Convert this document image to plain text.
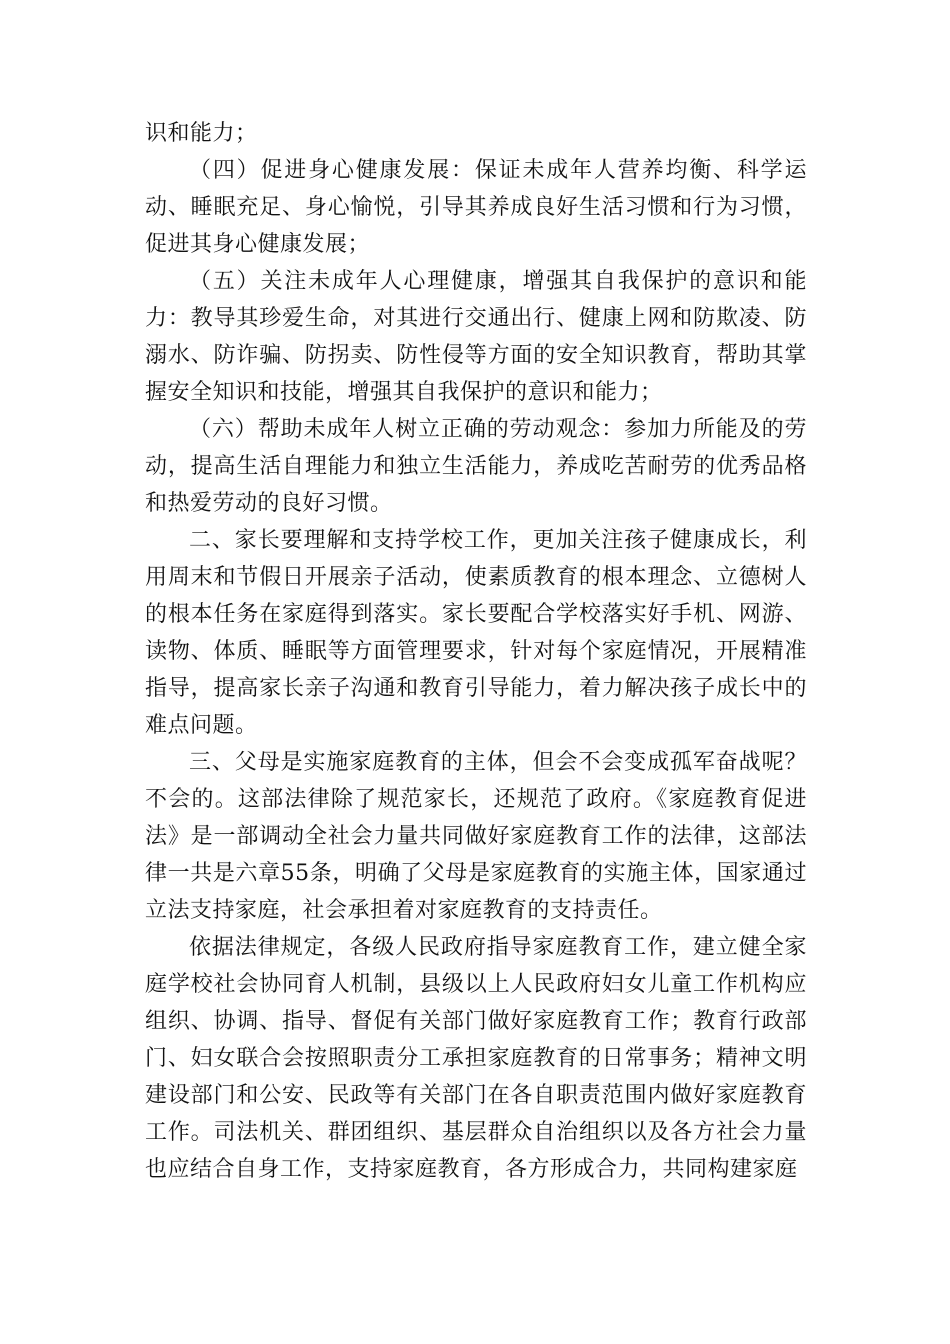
识和能力；

（四）促进身心健康发展：保证未成年人营养均衡、科学运动、睡眠充足、身心愉悦，引导其养成良好生活习惯和行为习惯，促进其身心健康发展；

（五）关注未成年人心理健康，增强其自我保护的意识和能力：教导其珍爱生命，对其进行交通出行、健康上网和防欺凌、防溺水、防诈骗、防拐卖、防性侵等方面的安全知识教育，帮助其掌握安全知识和技能，增强其自我保护的意识和能力；

（六）帮助未成年人树立正确的劳动观念：参加力所能及的劳动，提高生活自理能力和独立生活能力，养成吃苦耐劳的优秀品格和热爱劳动的良好习惯。

二、家长要理解和支持学校工作，更加关注孩子健康成长，利用周末和节假日开展亲子活动，使素质教育的根本理念、立德树人的根本任务在家庭得到落实。家长要配合学校落实好手机、网游、读物、体质、睡眠等方面管理要求，针对每个家庭情况，开展精准指导，提高家长亲子沟通和教育引导能力，着力解决孩子成长中的难点问题。

三、父母是实施家庭教育的主体，但会不会变成孤军奋战呢？不会的。这部法律除了规范家长，还规范了政府。《家庭教育促进法》是一部调动全社会力量共同做好家庭教育工作的法律，这部法律一共是六章55条，明确了父母是家庭教育的实施主体，国家通过立法支持家庭，社会承担着对家庭教育的支持责任。

依据法律规定，各级人民政府指导家庭教育工作，建立健全家庭学校社会协同育人机制，县级以上人民政府妇女儿童工作机构应组织、协调、指导、督促有关部门做好家庭教育工作；教育行政部门、妇女联合会按照职责分工承担家庭教育的日常事务；精神文明建设部门和公安、民政等有关部门在各自职责范围内做好家庭教育工作。司法机关、群团组织、基层群众自治组织以及各方社会力量也应结合自身工作，支持家庭教育，各方形成合力，共同构建家庭
